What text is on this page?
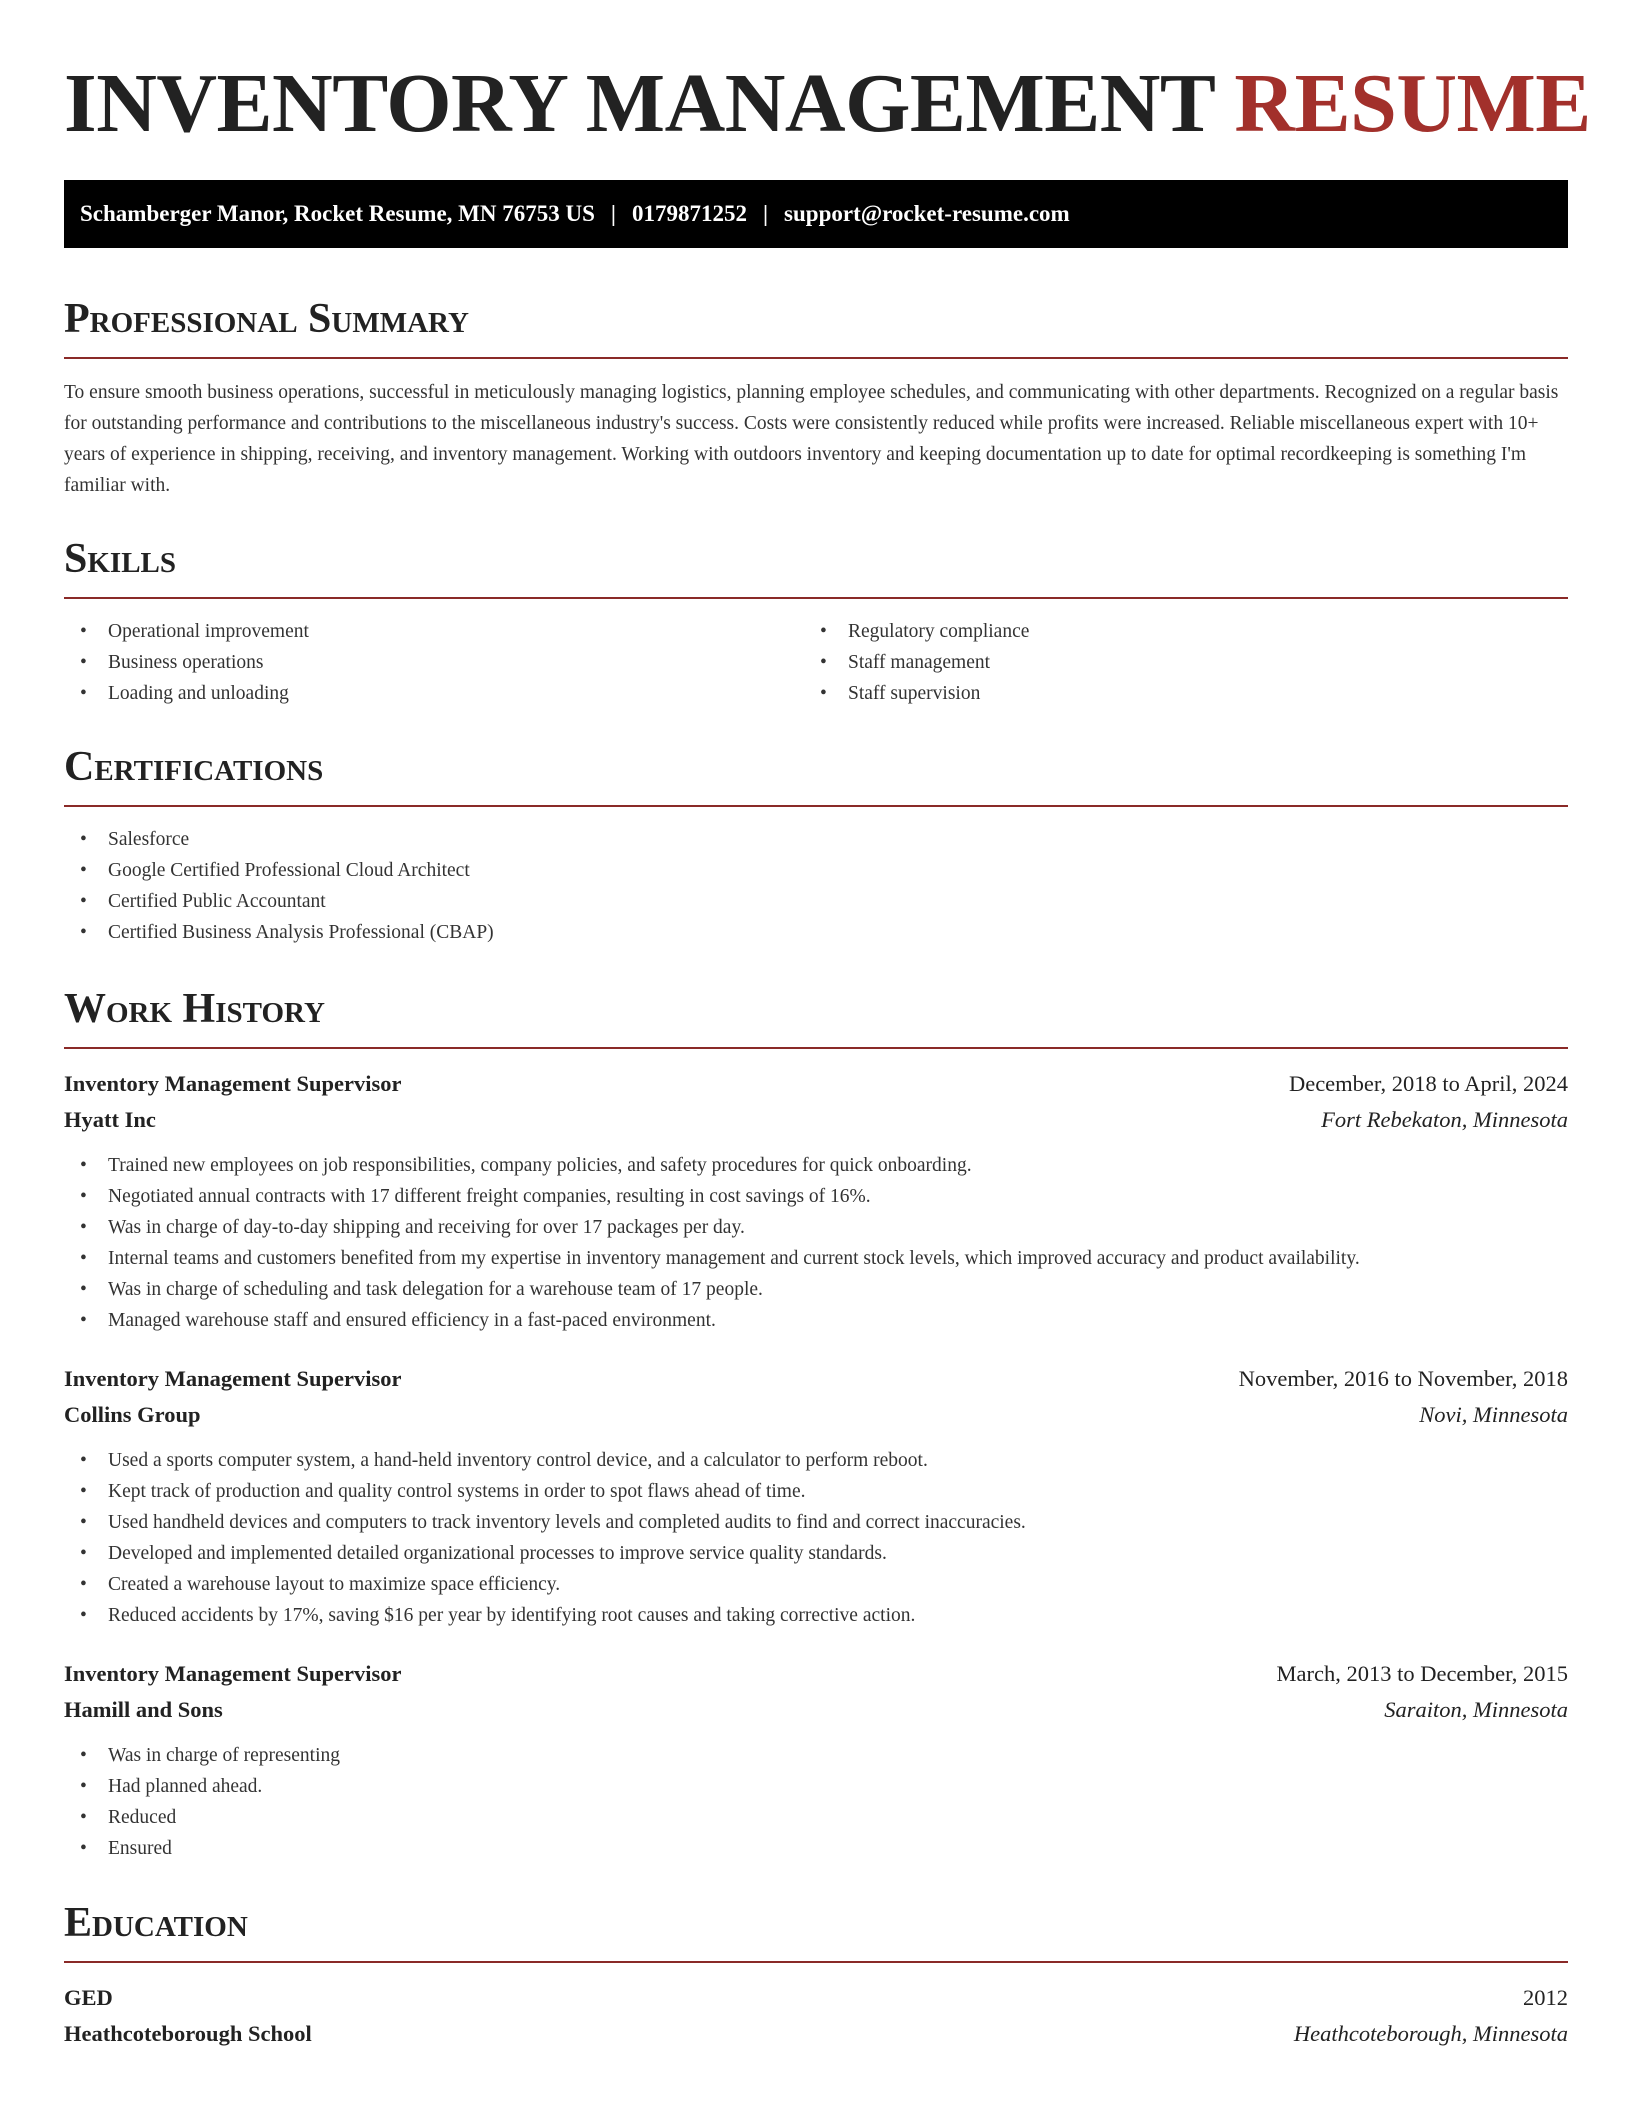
INVENTORY MANAGEMENT RESUME
Schamberger Manor, Rocket Resume, MN 76753 US | 0179871252 | support@rocket-resume.com
Professional Summary

To ensure smooth business operations, successful in meticulously managing logistics, planning employee schedules, and communicating with other departments. Recognized on a regular basis for outstanding performance and contributions to the miscellaneous industry's success. Costs were consistently reduced while profits were increased. Reliable miscellaneous expert with 10+ years of experience in shipping, receiving, and inventory management. Working with outdoors inventory and keeping documentation up to date for optimal recordkeeping is something I'm familiar with.

Skills
• Operational improvement
• Business operations
• Loading and unloading
• Regulatory compliance
• Staff management
• Staff supervision
Certifications
• Salesforce
• Google Certified Professional Cloud Architect
• Certified Public Accountant
• Certified Business Analysis Professional (CBAP)
Work History
Inventory Management Supervisor	December, 2018 to April, 2024
Hyatt Inc	Fort Rebekaton, Minnesota
• Trained new employees on job responsibilities, company policies, and safety procedures for quick onboarding.
• Negotiated annual contracts with 17 different freight companies, resulting in cost savings of 16%.
• Was in charge of day-to-day shipping and receiving for over 17 packages per day.
• Internal teams and customers benefited from my expertise in inventory management and current stock levels, which improved accuracy and product availability.
• Was in charge of scheduling and task delegation for a warehouse team of 17 people.
• Managed warehouse staff and ensured efficiency in a fast-paced environment.
Inventory Management Supervisor	November, 2016 to November, 2018
Collins Group	Novi, Minnesota
• Used a sports computer system, a hand-held inventory control device, and a calculator to perform reboot.
• Kept track of production and quality control systems in order to spot flaws ahead of time.
• Used handheld devices and computers to track inventory levels and completed audits to find and correct inaccuracies.
• Developed and implemented detailed organizational processes to improve service quality standards.
• Created a warehouse layout to maximize space efficiency.
• Reduced accidents by 17%, saving $16 per year by identifying root causes and taking corrective action.
Inventory Management Supervisor	March, 2013 to December, 2015
Hamill and Sons	Saraiton, Minnesota
• Was in charge of representing
• Had planned ahead.
• Reduced
• Ensured
Education
GED	2012
Heathcoteborough School	Heathcoteborough, Minnesota
